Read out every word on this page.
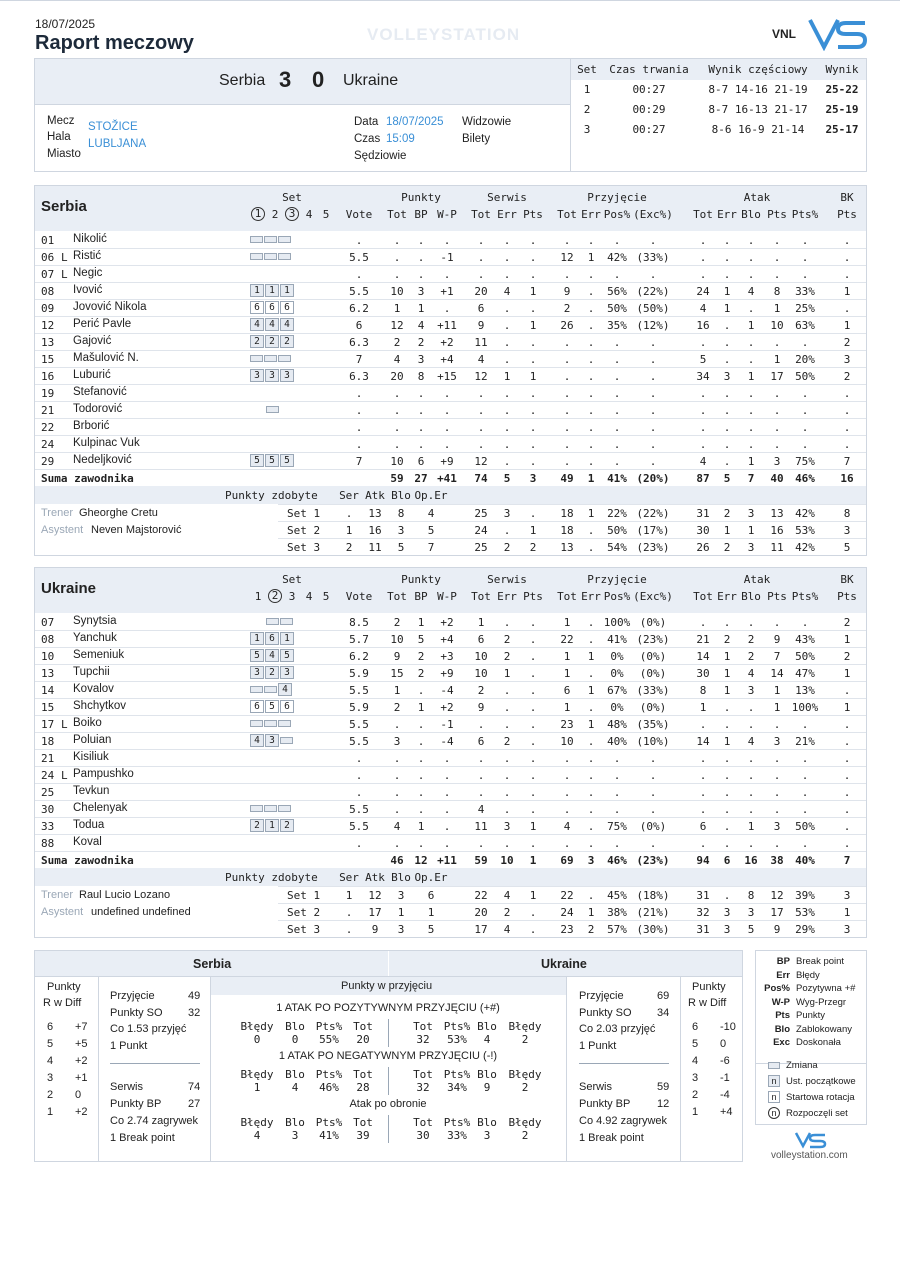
18/07/2025
Raport meczowy	VOLLEYSTATION	VNL
Serbia 3 0 Ukraine
Mecz
Hala
Miasto
STOŽICE
LUBLJANA
Data 18/07/2025
Czas 15:09
Sędziowie
Widzowie
Bilety
Set Czas trwania Wynik częściowy Wynik
1	00:27	8-7 14-16 21-19 25-22
2	00:29	8-7 16-13 21-17 25-19
3	00:27	8-6 16-9 21-14 25-17
Serbia
Set	Punkty	Serwis	Przyjęcie	Atak	BK
1 2 3 4 5 Vote Tot BP W-P Tot Err Pts Tot Err Pos% (Exc%) Tot Err Blo Pts Pts% Pts
01 Nikolić	.	. . . . . . . . .	.	. . . . .	.
06 L Ristić	5.5 . . -1 . . . 12 1 42% (33%)	. . . . .	.
07 L Negic	.	. . . . . . . . .	.	. . . . .	.
08 Ivović	1 1 1	5.5 10 3 +1 20 4 1 9 . 56% (22%) 24 1 4 8 33%	1
09 Jovović Nikola	6 6 6	6.2 1 1 . 6 . . 2 . 50% (50%)	4 1 . 1 25%	.
12 Perić Pavle	4 4 4	6	12 4 +11 9 . 1 26 . 35% (12%) 16 . 1 10 63%	1
13 Gajović	2 2 2	6.3 2 2 +2 11 . . . . .	.	. . . . .	2
15 Mašulović N.	7	4 3 +4 4 . . . . .	.	5 . . 1 20%	3
16 Luburić	3 3 3	6.3 20 8 +15 12 1 1 . . .	.	34 3 1 17 50%	2
19 Stefanović	.	. . . . . . . . .	.	. . . . .	.
21 Todorović	.	. . . . . . . . .	.	. . . . .	.
22 Brborić	.	. . . . . . . . .	.	. . . . .	.
24 Kulpinac Vuk	.	. . . . . . . . .	.	. . . . .	.
29 Nedeljković	5 5 5	7	10 6 +9 12 . . . . .	.	4 . 1 3 75%	7
Suma zawodnika	59 27 +41 74 5 3 49 1 41% (20%) 87 5 7 40 46% 16
Punkty zdobyte Ser Atk Blo Op.Er
Trener Gheorghe Cretu
Asystent Neven Majstorović
Set 1 . 13 8 4	25 3 . 18 1 22% (22%) 31 2 3 13 42%	8
Set 2 1 16 3 5	24 . 1 18 . 50% (17%) 30 1 1 16 53%	3
Set 3 2 11 5 7	25 2 2 13 . 54% (23%) 26 2 3 11 42%	5
Ukraine
Set	Punkty	Serwis	Przyjęcie	Atak	BK
1 2 3 4 5 Vote Tot BP W-P Tot Err Pts Tot Err Pos% (Exc%) Tot Err Blo Pts Pts% Pts
07 Synytsia	8.5 2 1 +2 1 . . 1 . 100% (0%)	. . . . .	2
08 Yanchuk	1 6 1	5.7 10 5 +4 6 2 . 22 . 41% (23%) 21 2 2 9 43%	1
10 Semeniuk	5 4 5	6.2 9 2 +3 10 2 . 1 1 0% (0%)	14 1 2 7 50%	2
13 Tupchii	3 2 3	5.9 15 2 +9 10 1 . 1 . 0% (0%)	30 1 4 14 47%	1
14 Kovalov	4	5.5 1 . -4 2 . . 6 1 67% (33%)	8 1 3 1 13%	.
15 Shchytkov	6 5 6	5.9 2 1 +2 9 . . 1 . 0% (0%)	1 . . 1 100% 1
17 L Boiko	5.5 . . -1 . . . 23 1 48% (35%)	. . . . .	.
18 Poluian	4 3	5.5 3 . -4 6 2 . 10 . 40% (10%) 14 1 4 3 21%	.
21 Kisiliuk	.	. . . . . . . . .	.	. . . . .	.
24 L Pampushko	.	. . . . . . . . .	.	. . . . .	.
25 Tevkun	.	. . . . . . . . .	.	. . . . .	.
30 Chelenyak	5.5 . . . 4 . . . . .	.	. . . . .	.
33 Todua	2 1 2	5.5 4 1 . 11 3 1 4 . 75% (0%)	6 . 1 3 50%	.
88 Koval	.	. . . . . . . . .	.	. . . . .	.
Suma zawodnika	46 12 +11 59 10 1 69 3 46% (23%) 94 6 16 38 40%	7
Punkty zdobyte Ser Atk Blo Op.Er
Trener Raul Lucio Lozano
Asystent undefined undefined
Set 1 1 12 3 6	22 4 1 22 . 45% (18%) 31 . 8 12 39%	3
Set 2 . 17 1 1	20 2 . 24 1 38% (21%) 32 3 3 17 53%	1
Set 3 . 9 3 5	17 4 . 23 2 57% (30%) 31 3 5 9 29%	3
Serbia	Ukraine
Punkty
R w Diff
6 +7
5 +5
4 +2
3 +1
2 0
1 +2
Punkty
R w Diff
6 -10
5 0
4 -6
3 -1
2 -4
1 +4
Przyjęcie	49
Punkty SO 32
Co 1.53 przyjęć
1 Punkt
Serwis	74
Punkty BP 27
Co 2.74 zagrywek
1 Break point
Przyjęcie	69
Punkty SO 34
Co 2.03 przyjęć
1 Punkt
Serwis	59
Punkty BP 12
Co 4.92 zagrywek
1 Break point
Punkty w przyjęciu
1 ATAK PO POZYTYWNYM PRZYJĘCIU (+#)
Błędy Blo Pts% Tot	Tot Pts% Blo Błędy
0	0 55% 20	32 53% 4	2
1 ATAK PO NEGATYWNYM PRZYJĘCIU (-!)
Błędy Blo Pts% Tot	Tot Pts% Blo Błędy
1	4 46% 28	32 34% 9	2
Atak po obronie
Błędy Blo Pts% Tot	Tot Pts% Blo Błędy
4	3 41% 39	30 33% 3	2
BP Break point
Err Błędy
Pos% Pozytywna +#
W-P Wyg-Przegr
Pts Punkty
Blo Zablokowany
Exc Doskonała
Zmiana
n	Ust. początkowe
n	Startowa rotacja
n	Rozpoczęli set
volleystation.com
